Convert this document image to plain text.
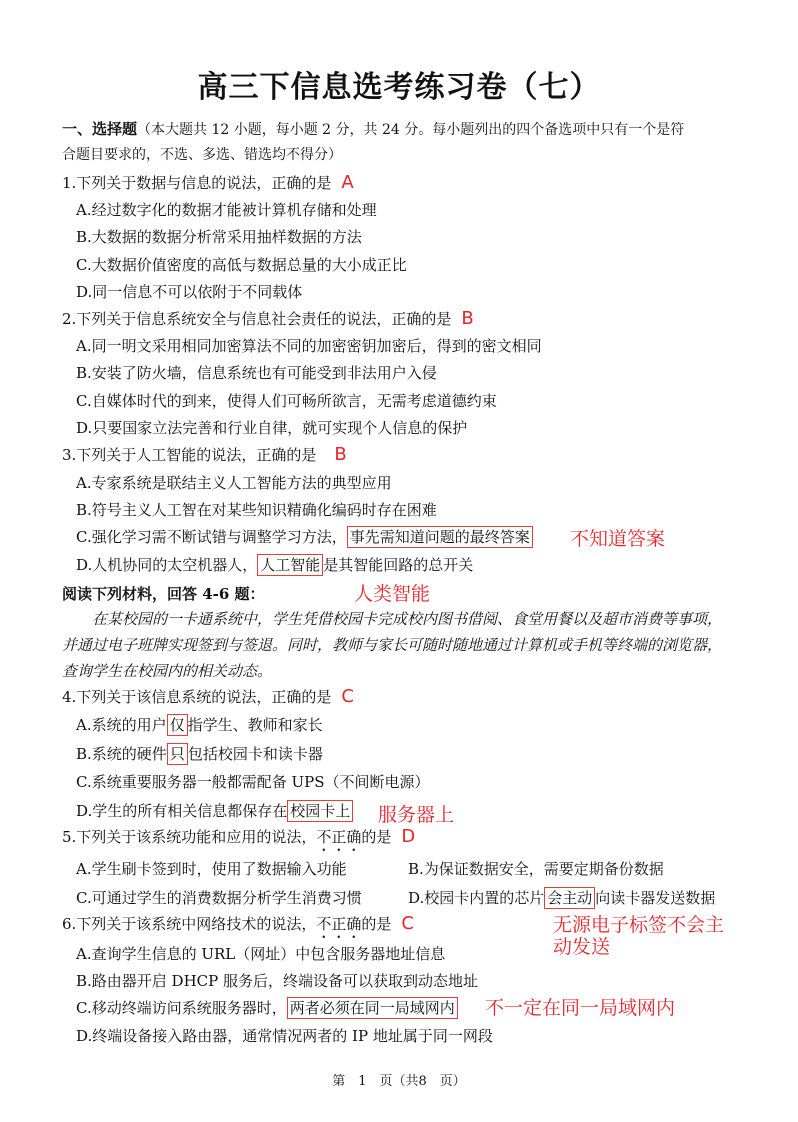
高三下信息选考练习卷（七）
一、选择题（本大题共 12 小题，每小题 2 分，共 24 分。每小题列出的四个备选项中只有一个是符
合题目要求的，不选、多选、错选均不得分）
1.下列关于数据与信息的说法，正确的是 A
A.经过数字化的数据才能被计算机存储和处理
B.大数据的数据分析常采用抽样数据的方法
C.大数据价值密度的高低与数据总量的大小成正比
D.同一信息不可以依附于不同载体
2.下列关于信息系统安全与信息社会责任的说法，正确的是 B
A.同一明文采用相同加密算法不同的加密密钥加密后，得到的密文相同
B.安装了防火墙，信息系统也有可能受到非法用户入侵
C.自媒体时代的到来，使得人们可畅所欲言，无需考虑道德约束
D.只要国家立法完善和行业自律，就可实现个人信息的保护
3.下列关于人工智能的说法，正确的是 B
A.专家系统是联结主义人工智能方法的典型应用
B.符号主义人工智在对某些知识精确化编码时存在困难
C.强化学习需不断试错与调整学习方法， 事先需知道问题的最终答案 不知道答案
D.人机协同的太空机器人， 人工智能 是其智能回路的总开关
人类智能
阅读下列材料，回答 4-6 题：
在某校园的一卡通系统中，学生凭借校园卡完成校内图书借阅、食堂用餐以及超市消费等事项，
并通过电子班牌实现签到与签退。同时，教师与家长可随时随地通过计算机或手机等终端的浏览器，
查询学生在校园内的相关动态。
4.下列关于该信息系统的说法，正确的是 C
A.系统的用户 仅 指学生、教师和家长
B.系统的硬件 只 包括校园卡和读卡器
C.系统重要服务器一般都需配备 UPS（不间断电源）
D.学生的所有相关信息都保存在 校园卡上 服务器上
5.下列关于该系统功能和应用的说法，不正确的是 D
A.学生刷卡签到时，使用了数据输入功能	B.为保证数据安全，需要定期备份数据
C.可通过学生的消费数据分析学生消费习惯	D.校园卡内置的芯片 会主动 向读卡器发送数据
无源电子标签不会主
动发送
6.下列关于该系统中网络技术的说法，不正确的是 C
A.查询学生信息的 URL（网址）中包含服务器地址信息
B.路由器开启 DHCP 服务后，终端设备可以获取到动态地址
C.移动终端访问系统服务器时， 两者必须在同一局域网内 不一定在同一局域网内
D.终端设备接入路由器，通常情况两者的 IP 地址属于同一网段
第　1　页（共8　页）
